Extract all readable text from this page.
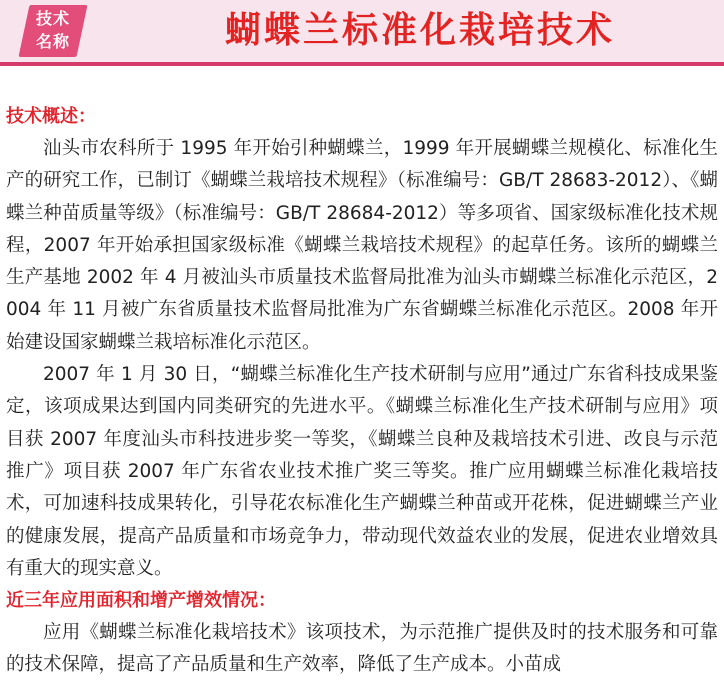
技术
名称	蝴蝶兰标准化栽培技术
技术概述：

汕头市农科所于 1995 年开始引种蝴蝶兰，1999 年开展蝴蝶兰规模化、标准化生产的研究工作，已制订《蝴蝶兰栽培技术规程》（标准编号：GB/T 28683-2012）、《蝴蝶兰种苗质量等级》（标准编号：GB/T 28684-2012）等多项省、国家级标准化技术规程，2007 年开始承担国家级标准《蝴蝶兰栽培技术规程》的起草任务。该所的蝴蝶兰生产基地 2002 年 4 月被汕头市质量技术监督局批准为汕头市蝴蝶兰标准化示范区，2004 年 11 月被广东省质量技术监督局批准为广东省蝴蝶兰标准化示范区。2008 年开始建设国家蝴蝶兰栽培标准化示范区。

2007 年 1 月 30 日，“蝴蝶兰标准化生产技术研制与应用”通过广东省科技成果鉴定，该项成果达到国内同类研究的先进水平。《蝴蝶兰标准化生产技术研制与应用》项目获 2007 年度汕头市科技进步奖一等奖，《蝴蝶兰良种及栽培技术引进、改良与示范推广》项目获 2007 年广东省农业技术推广奖三等奖。推广应用蝴蝶兰标准化栽培技术，可加速科技成果转化，引导花农标准化生产蝴蝶兰种苗或开花株，促进蝴蝶兰产业的健康发展，提高产品质量和市场竞争力，带动现代效益农业的发展，促进农业增效具有重大的现实意义。

近三年应用面积和增产增效情况：

应用《蝴蝶兰标准化栽培技术》该项技术，为示范推广提供及时的技术服务和可靠的技术保障，提高了产品质量和生产效率，降低了生产成本。小苗成
